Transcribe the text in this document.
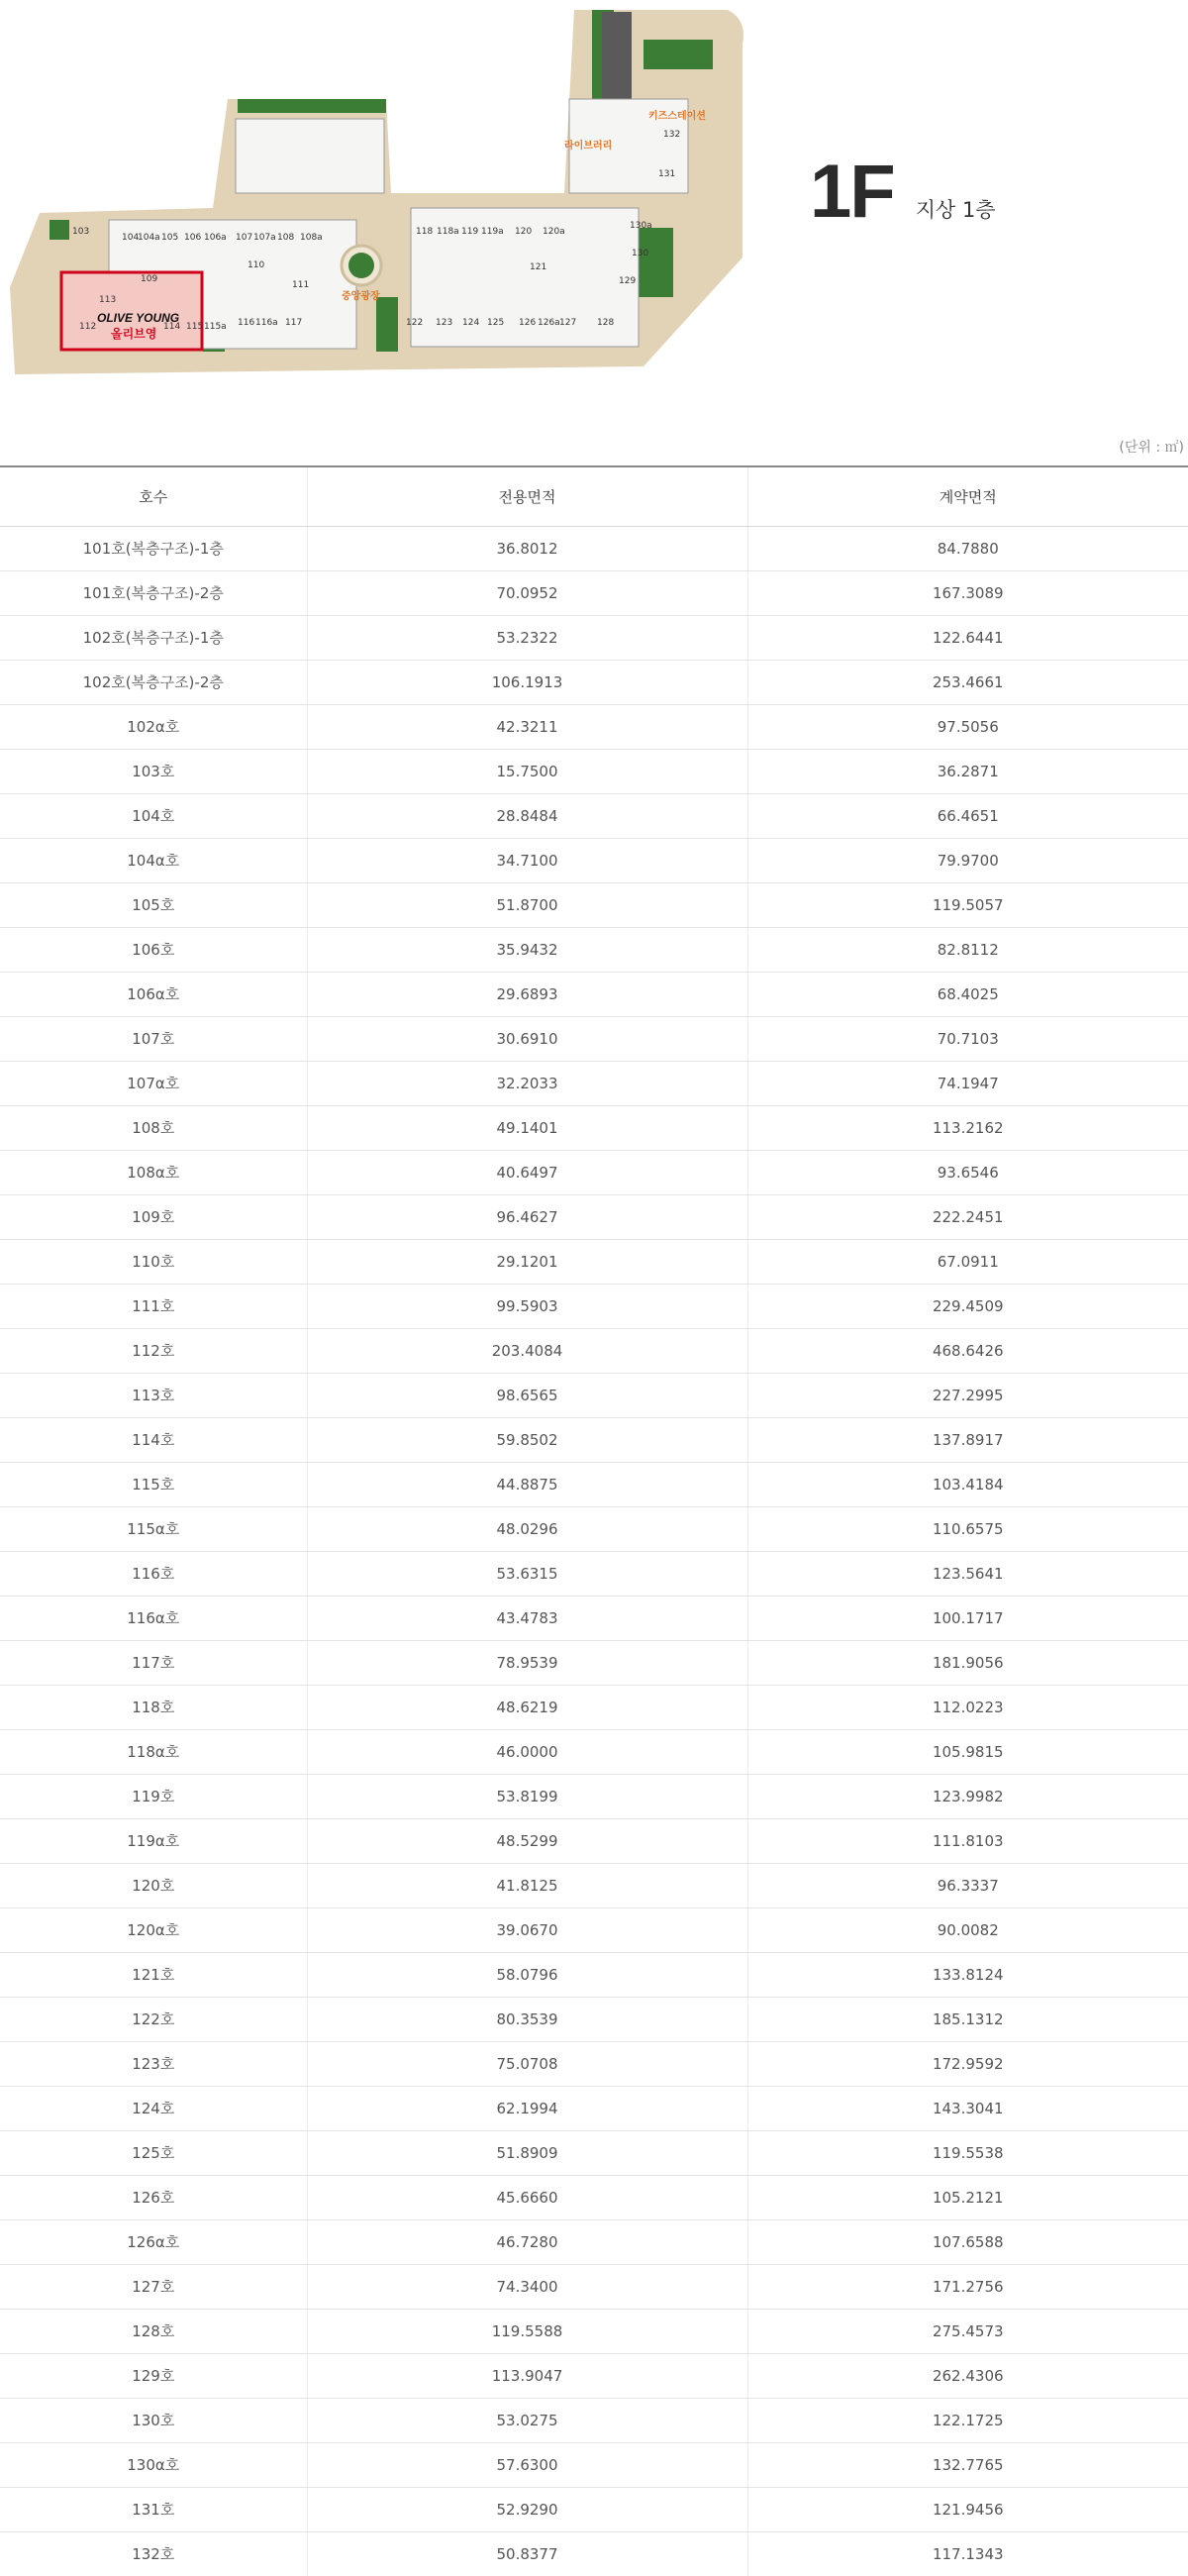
중앙광장
OLIVE YOUNG
올리브영
라이브러리
키즈스테이션
103
104
104a 105 106 106a 107 107a 108 108a
109
110
111
112
113
114 115 115a 116 116a 117
118 118a 119 119a 120 120a
121
122 123 124 125 126 126a 127 128
129
130
130a
131
132
1F 지상 1층
(단위 : ㎡)
호수	전용면적	계약면적
101호(복층구조)-1층	36.8012	84.7880
101호(복층구조)-2층	70.0952	167.3089
102호(복층구조)-1층	53.2322	122.6441
102호(복층구조)-2층	106.1913	253.4661
102α호	42.3211	97.5056
103호	15.7500	36.2871
104호	28.8484	66.4651
104α호	34.7100	79.9700
105호	51.8700	119.5057
106호	35.9432	82.8112
106α호	29.6893	68.4025
107호	30.6910	70.7103
107α호	32.2033	74.1947
108호	49.1401	113.2162
108α호	40.6497	93.6546
109호	96.4627	222.2451
110호	29.1201	67.0911
111호	99.5903	229.4509
112호	203.4084	468.6426
113호	98.6565	227.2995
114호	59.8502	137.8917
115호	44.8875	103.4184
115α호	48.0296	110.6575
116호	53.6315	123.5641
116α호	43.4783	100.1717
117호	78.9539	181.9056
118호	48.6219	112.0223
118α호	46.0000	105.9815
119호	53.8199	123.9982
119α호	48.5299	111.8103
120호	41.8125	96.3337
120α호	39.0670	90.0082
121호	58.0796	133.8124
122호	80.3539	185.1312
123호	75.0708	172.9592
124호	62.1994	143.3041
125호	51.8909	119.5538
126호	45.6660	105.2121
126α호	46.7280	107.6588
127호	74.3400	171.2756
128호	119.5588	275.4573
129호	113.9047	262.4306
130호	53.0275	122.1725
130α호	57.6300	132.7765
131호	52.9290	121.9456
132호	50.8377	117.1343
